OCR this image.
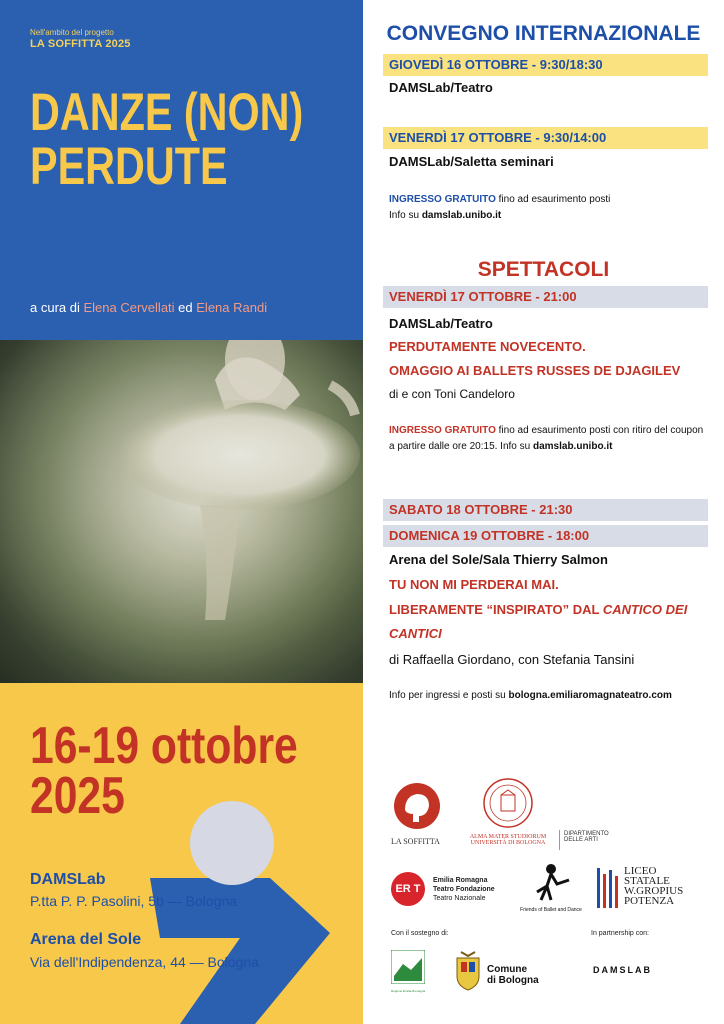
Nell'ambito del progetto
LA SOFFITTA 2025
DANZE (NON)
PERDUTE
a cura di Elena Cervellati ed Elena Randi
16-19 ottobre
2025
DAMSLab
P.tta P. P. Pasolini, 5b — Bologna
Arena del Sole
Via dell'Indipendenza, 44 — Bologna
CONVEGNO INTERNAZIONALE
GIOVEDÌ 16 OTTOBRE - 9:30/18:30
DAMSLab/Teatro
VENERDÌ 17 OTTOBRE - 9:30/14:00
DAMSLab/Saletta seminari
INGRESSO GRATUITO fino ad esaurimento posti
Info su damslab.unibo.it
SPETTACOLI
VENERDÌ 17 OTTOBRE - 21:00
DAMSLab/Teatro
PERDUTAMENTE NOVECENTO.
OMAGGIO AI BALLETS RUSSES DE DJAGILEV
di e con Toni Candeloro
INGRESSO GRATUITO fino ad esaurimento posti con ritiro del coupon
a partire dalle ore 20:15. Info su damslab.unibo.it
SABATO 18 OTTOBRE - 21:30
DOMENICA 19 OTTOBRE - 18:00
Arena del Sole/Sala Thierry Salmon
TU NON MI PERDERAI MAI.
LIBERAMENTE “INSPIRATO” DAL CANTICO DEI
CANTICI
di Raffaella Giordano, con Stefania Tansini
Info per ingressi e posti su bologna.emiliaromagnateatro.com
LA SOFFITTA	ALMA MATER STUDIORUM
UNIVERSITÀ DI BOLOGNA
DIPARTIMENTO
DELLE ARTI
ER T
Emilia Romagna
Teatro Fondazione
Teatro Nazionale
Friends of Ballet and Dance
LICEO
STATALE
W.GROPIUS
POTENZA
Con il sostegno di:	In partnership con:
Regione Emilia-Romagna
Comune
di Bologna
DAMSLAB
